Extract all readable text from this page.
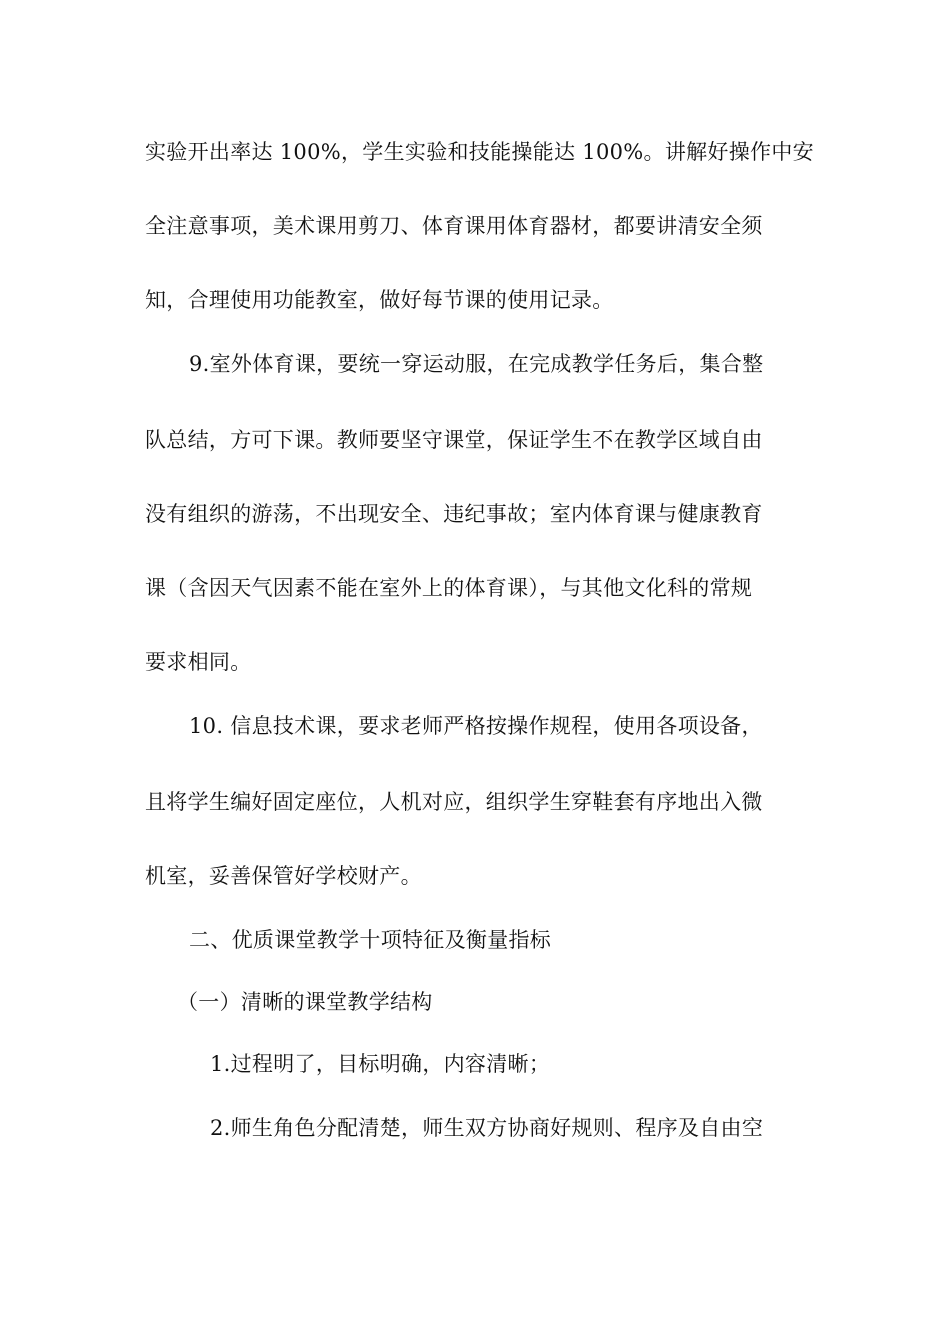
实验开出率达 100%，学生实验和技能操能达 100%。讲解好操作中安
全注意事项，美术课用剪刀、体育课用体育器材，都要讲清安全须
知，合理使用功能教室，做好每节课的使用记录。
9.室外体育课，要统一穿运动服，在完成教学任务后，集合整
队总结，方可下课。教师要坚守课堂，保证学生不在教学区域自由
没有组织的游荡，不出现安全、违纪事故；室内体育课与健康教育
课（含因天气因素不能在室外上的体育课），与其他文化科的常规
要求相同。
10. 信息技术课，要求老师严格按操作规程，使用各项设备，
且将学生编好固定座位，人机对应，组织学生穿鞋套有序地出入微
机室，妥善保管好学校财产。
二、优质课堂教学十项特征及衡量指标
（一）清晰的课堂教学结构
1.过程明了，目标明确，内容清晰；
2.师生角色分配清楚，师生双方协商好规则、程序及自由空
